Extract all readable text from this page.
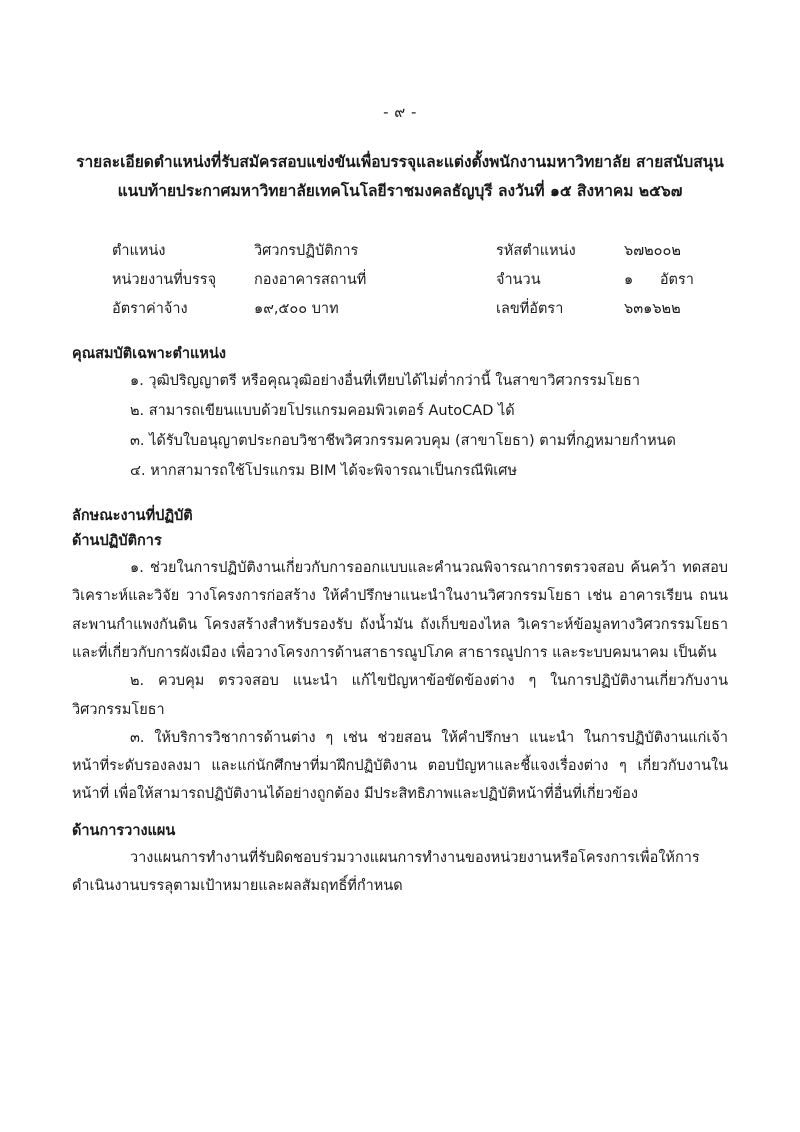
- ๙ -
รายละเอียดตำแหน่งที่รับสมัครสอบแข่งขันเพื่อบรรจุและแต่งตั้งพนักงานมหาวิทยาลัย สายสนับสนุน
แนบท้ายประกาศมหาวิทยาลัยเทคโนโลยีราชมงคลธัญบุรี ลงวันที่ ๑๕ สิงหาคม ๒๕๖๗
ตำแหน่ง	วิศวกรปฏิบัติการ	รหัสตำแหน่ง	๖๗๒๐๐๒
หน่วยงานที่บรรจุ	กองอาคารสถานที่	จำนวน	๑ อัตรา
อัตราค่าจ้าง	๑๙,๕๐๐ บาท	เลขที่อัตรา	๖๓๑๖๒๒
คุณสมบัติเฉพาะตำแหน่ง
๑. วุฒิปริญญาตรี หรือคุณวุฒิอย่างอื่นที่เทียบได้ไม่ต่ำกว่านี้ ในสาขาวิศวกรรมโยธา
๒. สามารถเขียนแบบด้วยโปรแกรมคอมพิวเตอร์ AutoCAD ได้
๓. ได้รับใบอนุญาตประกอบวิชาชีพวิศวกรรมควบคุม (สาขาโยธา) ตามที่กฎหมายกำหนด
๔. หากสามารถใช้โปรแกรม BIM ได้จะพิจารณาเป็นกรณีพิเศษ
ลักษณะงานที่ปฏิบัติ
ด้านปฏิบัติการ

๑. ช่วยในการปฏิบัติงานเกี่ยวกับการออกแบบและคำนวณพิจารณาการตรวจสอบ ค้นคว้า ทดสอบ วิเคราะห์และวิจัย วางโครงการก่อสร้าง ให้คำปรึกษาแนะนำในงานวิศวกรรมโยธา เช่น อาคารเรียน ถนน สะพานกำแพงกันดิน โครงสร้างสำหรับรองรับ ถังน้ำมัน ถังเก็บของไหล วิเคราะห์ข้อมูลทางวิศวกรรมโยธา และที่เกี่ยวกับการผังเมือง เพื่อวางโครงการด้านสาธารณูปโภค สาธารณูปการ และระบบคมนาคม เป็นต้น

๒. ควบคุม ตรวจสอบ แนะนำ แก้ไขปัญหาข้อขัดข้องต่าง ๆ ในการปฏิบัติงานเกี่ยวกับงานวิศวกรรมโยธา

๓. ให้บริการวิชาการด้านต่าง ๆ เช่น ช่วยสอน ให้คำปรึกษา แนะนำ ในการปฏิบัติงานแก่เจ้าหน้าที่ระดับรองลงมา และแก่นักศึกษาที่มาฝึกปฏิบัติงาน ตอบปัญหาและชี้แจงเรื่องต่าง ๆ เกี่ยวกับงานในหน้าที่ เพื่อให้สามารถปฏิบัติงานได้อย่างถูกต้อง มีประสิทธิภาพและปฏิบัติหน้าที่อื่นที่เกี่ยวข้อง

ด้านการวางแผน

วางแผนการทำงานที่รับผิดชอบร่วมวางแผนการทำงานของหน่วยงานหรือโครงการเพื่อให้การดำเนินงานบรรลุตามเป้าหมายและผลสัมฤทธิ์ที่กำหนด
